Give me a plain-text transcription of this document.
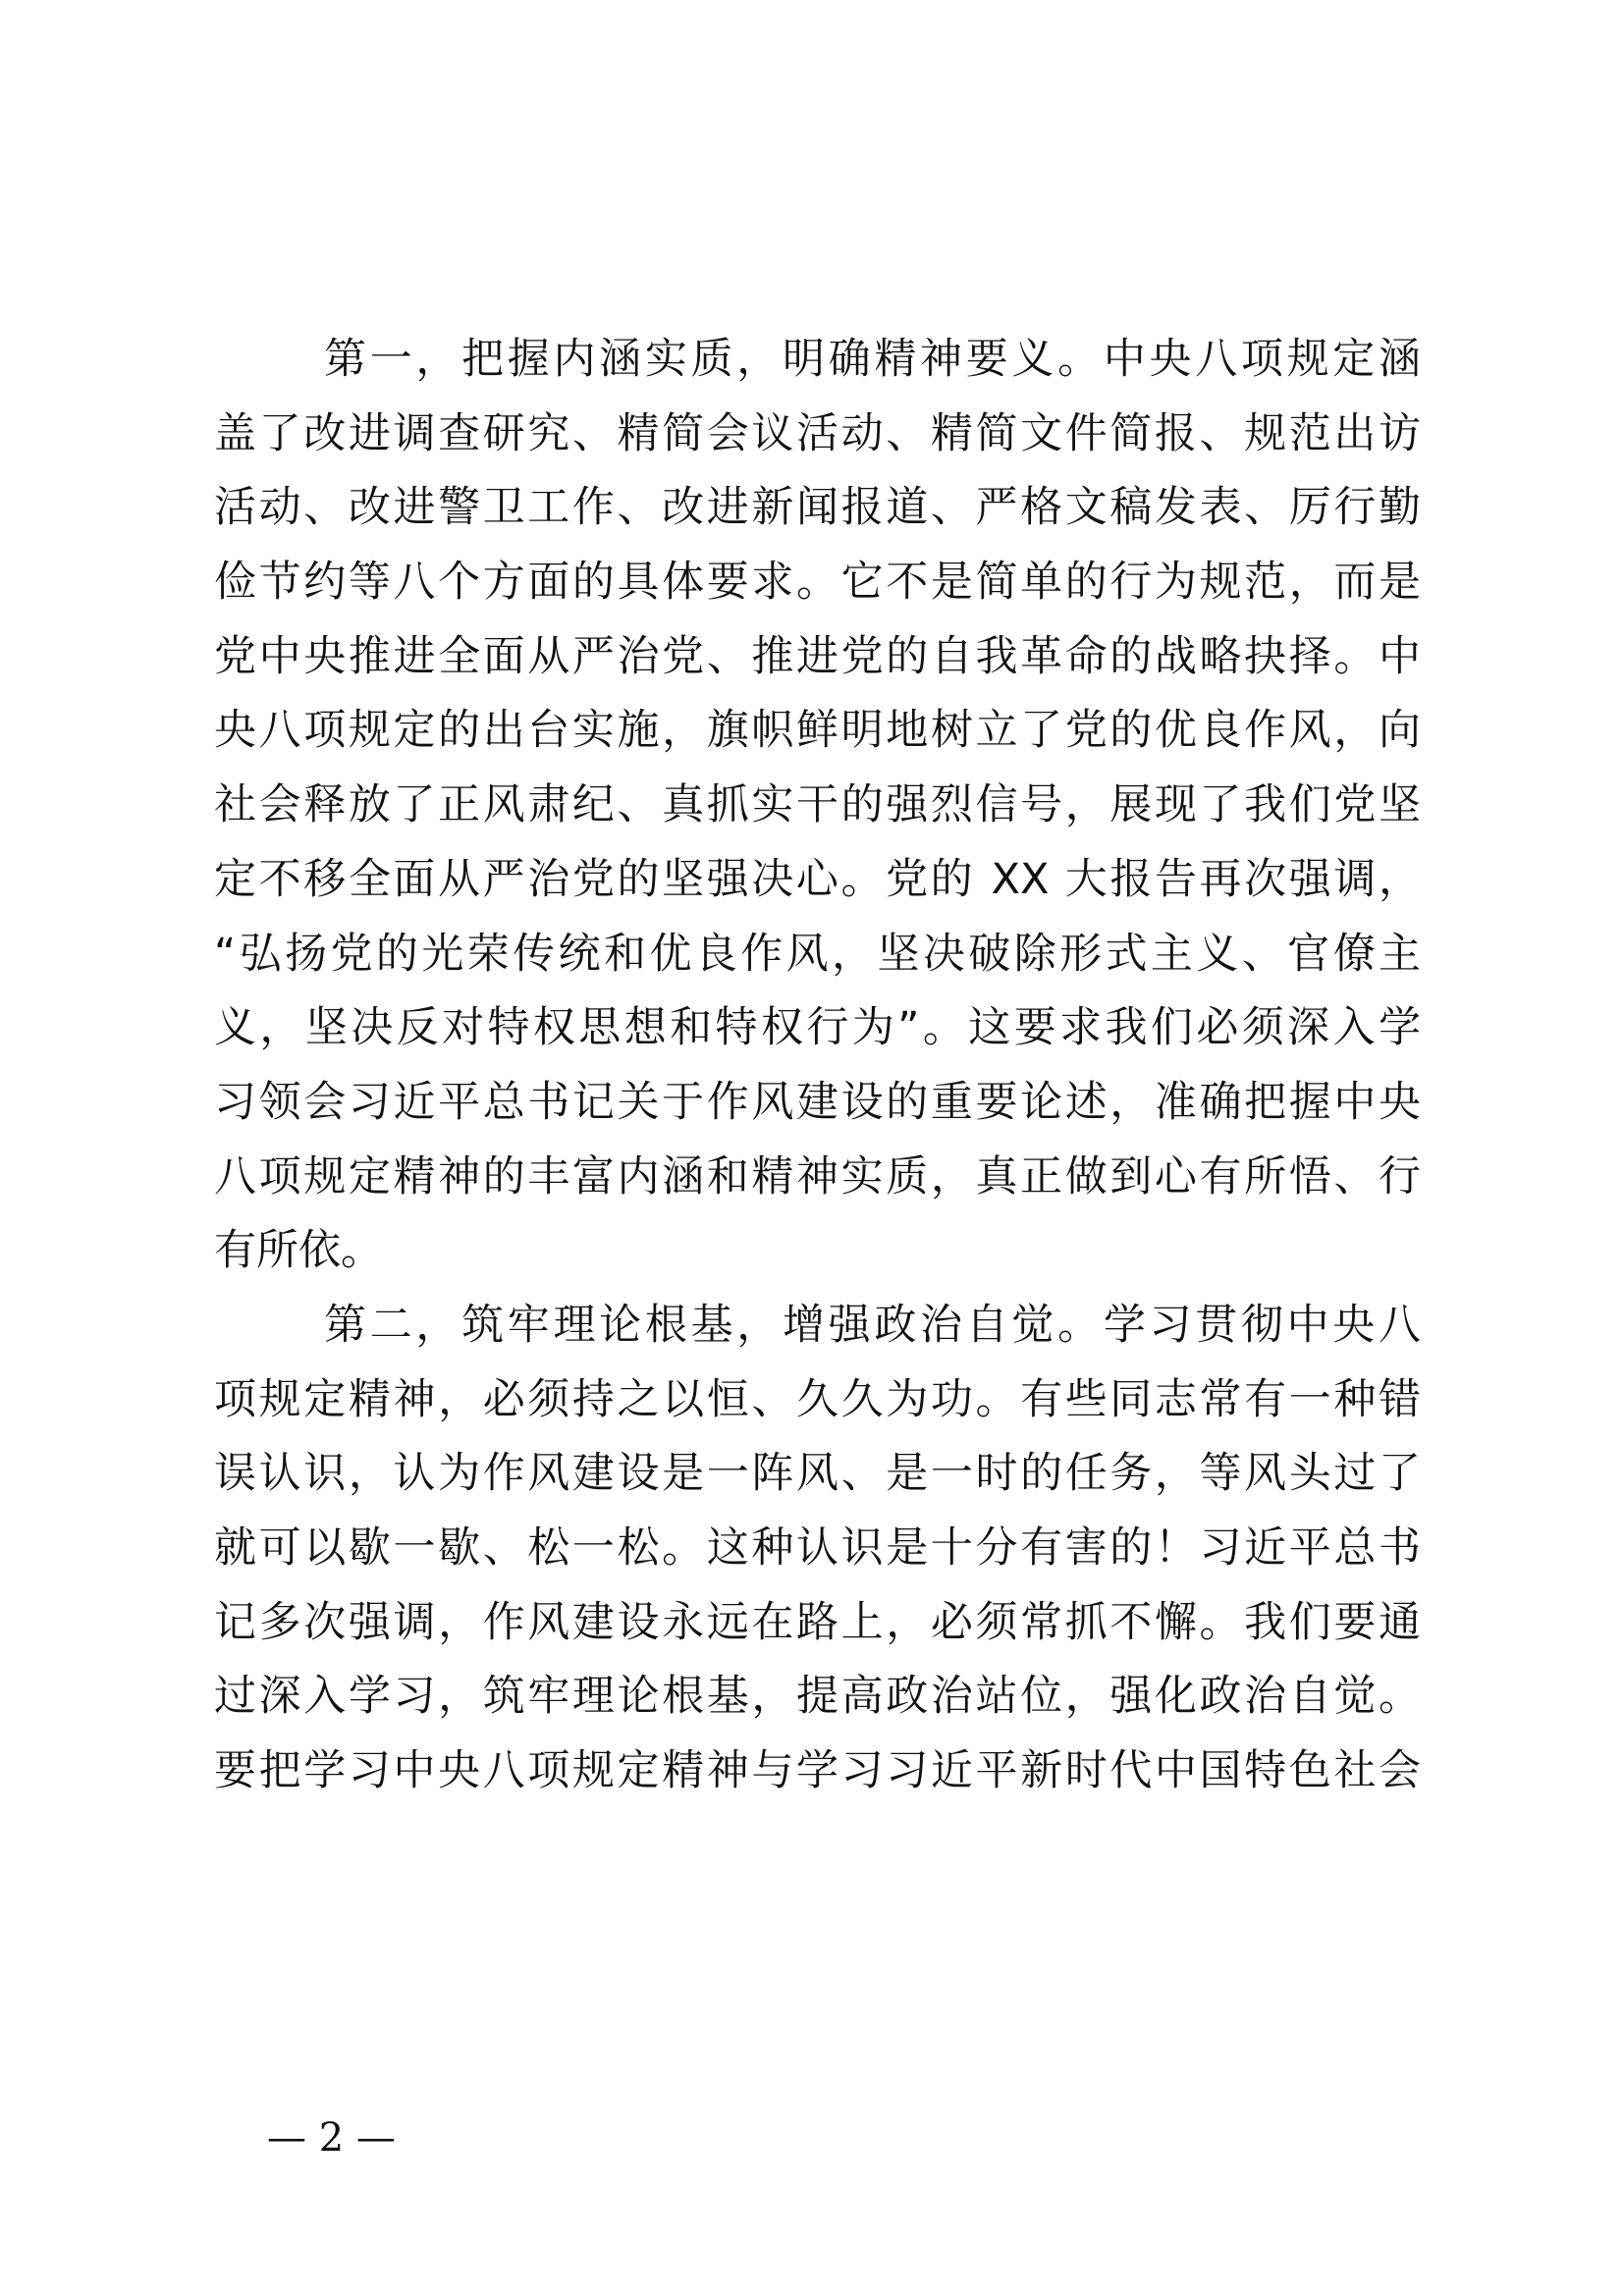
第一，把握内涵实质，明确精神要义。中央八项规定涵
盖了改进调查研究、精简会议活动、精简文件简报、规范出访
活动、改进警卫工作、改进新闻报道、严格文稿发表、厉行勤
俭节约等八个方面的具体要求。它不是简单的行为规范，而是
党中央推进全面从严治党、推进党的自我革命的战略抉择。中
央八项规定的出台实施，旗帜鲜明地树立了党的优良作风，向
社会释放了正风肃纪、真抓实干的强烈信号，展现了我们党坚
定不移全面从严治党的坚强决心。党的 XX 大报告再次强调，
“弘扬党的光荣传统和优良作风，坚决破除形式主义、官僚主
义，坚决反对特权思想和特权行为”。这要求我们必须深入学
习领会习近平总书记关于作风建设的重要论述，准确把握中央
八项规定精神的丰富内涵和精神实质，真正做到心有所悟、行
有所依。
第二，筑牢理论根基，增强政治自觉。学习贯彻中央八
项规定精神，必须持之以恒、久久为功。有些同志常有一种错
误认识，认为作风建设是一阵风、是一时的任务，等风头过了
就可以歇一歇、松一松。这种认识是十分有害的！习近平总书
记多次强调，作风建设永远在路上，必须常抓不懈。我们要通
过深入学习，筑牢理论根基，提高政治站位，强化政治自觉。
要把学习中央八项规定精神与学习习近平新时代中国特色社会
— 2 —
